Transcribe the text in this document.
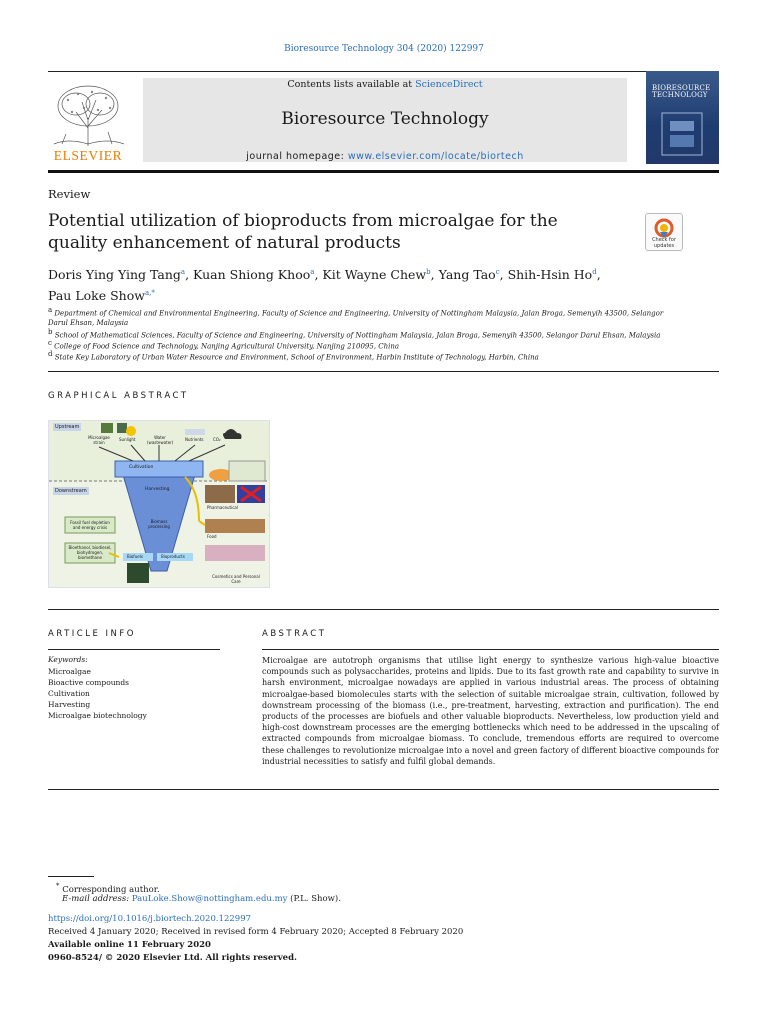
Bioresource Technology 304 (2020) 122997
ELSEVIER
Contents lists available at ScienceDirect
Bioresource Technology
journal homepage: www.elsevier.com/locate/biortech
BIORESOURCE TECHNOLOGY
Review
Potential utilization of bioproducts from microalgae for the quality enhancement of natural products	Check for updates
Doris Ying Ying Tang$^a$, Kuan Shiong Khoo$^a$, Kit Wayne Chew$^b$, Yang Tao$^c$, Shih-Hsin Ho$^d$,
Pau Loke Show$^{a,*}$
$^a$ Department of Chemical and Environmental Engineering, Faculty of Science and Engineering, University of Nottingham Malaysia, Jalan Broga, Semenyih 43500, Selangor Darul Ehsan, Malaysia
$^b$ School of Mathematical Sciences, Faculty of Science and Engineering, University of Nottingham Malaysia, Jalan Broga, Semenyih 43500, Selangor Darul Ehsan, Malaysia
$^c$ College of Food Science and Technology, Nanjing Agricultural University, Nanjing 210095, China
$^d$ State Key Laboratory of Urban Water Resource and Environment, School of Environment, Harbin Institute of Technology, Harbin, China
GRAPHICAL ABSTRACT
Upstream
Downstream
Microalgae strain
Sunlight	Water (wastewater)
Nutrients CO₂
Cultivation
Harvesting
Biomass processing
Biofuels	Bioproducts
Pharmaceutical
Food
Cosmetics and Personal Care
Fossil fuel depletion and energy crisis
Bioethanol, biodiesel, biohydrogen, biomethane
ARTICLE INFO
Keywords:
Microalgae
Bioactive compounds
Cultivation
Harvesting
Microalgae biotechnology
ABSTRACT
Microalgae are autotroph organisms that utilise light energy to synthesize various high-value bioactive compounds such as polysaccharides, proteins and lipids. Due to its fast growth rate and capability to survive in harsh environment, microalgae nowadays are applied in various industrial areas. The process of obtaining microalgae-based biomolecules starts with the selection of suitable microalgae strain, cultivation, followed by downstream processing of the biomass (i.e., pre-treatment, harvesting, extraction and purification). The end products of the processes are biofuels and other valuable bioproducts. Nevertheless, low production yield and high-cost downstream processes are the emerging bottlenecks which need to be addressed in the upscaling of extracted compounds from microalgae biomass. To conclude, tremendous efforts are required to overcome these challenges to revolutionize microalgae into a novel and green factory of different bioactive compounds for industrial necessities to satisfy and fulfil global demands.
* Corresponding author.
E-mail address: PauLoke.Show@nottingham.edu.my (P.L. Show).
https://doi.org/10.1016/j.biortech.2020.122997
Received 4 January 2020; Received in revised form 4 February 2020; Accepted 8 February 2020
Available online 11 February 2020
0960-8524/ © 2020 Elsevier Ltd. All rights reserved.
